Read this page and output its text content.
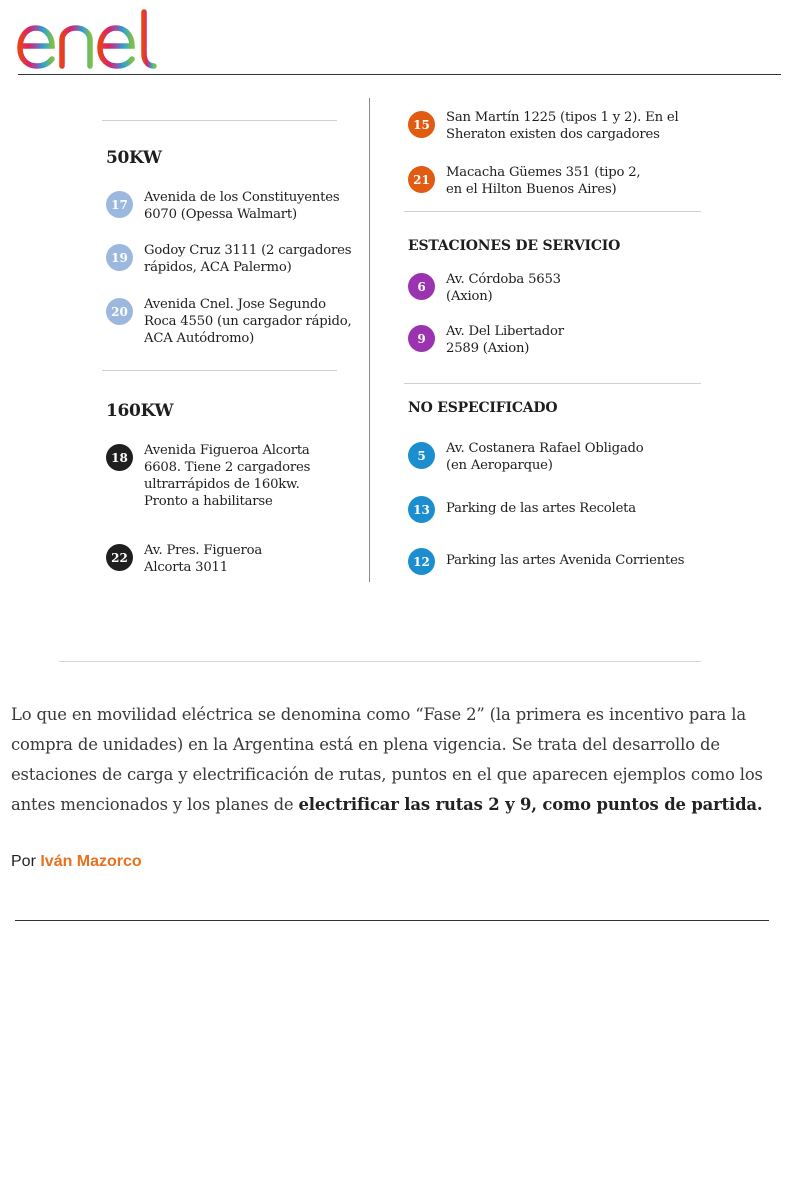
50KW
17	Avenida de los Constituyentes
6070 (Opessa Walmart)
19	Godoy Cruz 3111 (2 cargadores
rápidos, ACA Palermo)
20	Avenida Cnel. Jose Segundo
Roca 4550 (un cargador rápido,
ACA Autódromo)
160KW
18	Avenida Figueroa Alcorta
6608. Tiene 2 cargadores
ultrarrápidos de 160kw.
Pronto a habilitarse
22	Av. Pres. Figueroa
Alcorta 3011
15	San Martín 1225 (tipos 1 y 2). En el
Sheraton existen dos cargadores
21	Macacha Güemes 351 (tipo 2,
en el Hilton Buenos Aires)
ESTACIONES DE SERVICIO
6	Av. Córdoba 5653
(Axion)
9	Av. Del Libertador
2589 (Axion)
NO ESPECIFICADO
5	Av. Costanera Rafael Obligado
(en Aeroparque)
13	Parking de las artes Recoleta
12	Parking las artes Avenida Corrientes

Lo que en movilidad eléctrica se denomina como “Fase 2” (la primera es incentivo para la compra de unidades) en la Argentina está en plena vigencia. Se trata del desarrollo de estaciones de carga y electrificación de rutas, puntos en el que aparecen ejemplos como los antes mencionados y los planes de electrificar las rutas 2 y 9, como puntos de partida.

Por Iván Mazorco
